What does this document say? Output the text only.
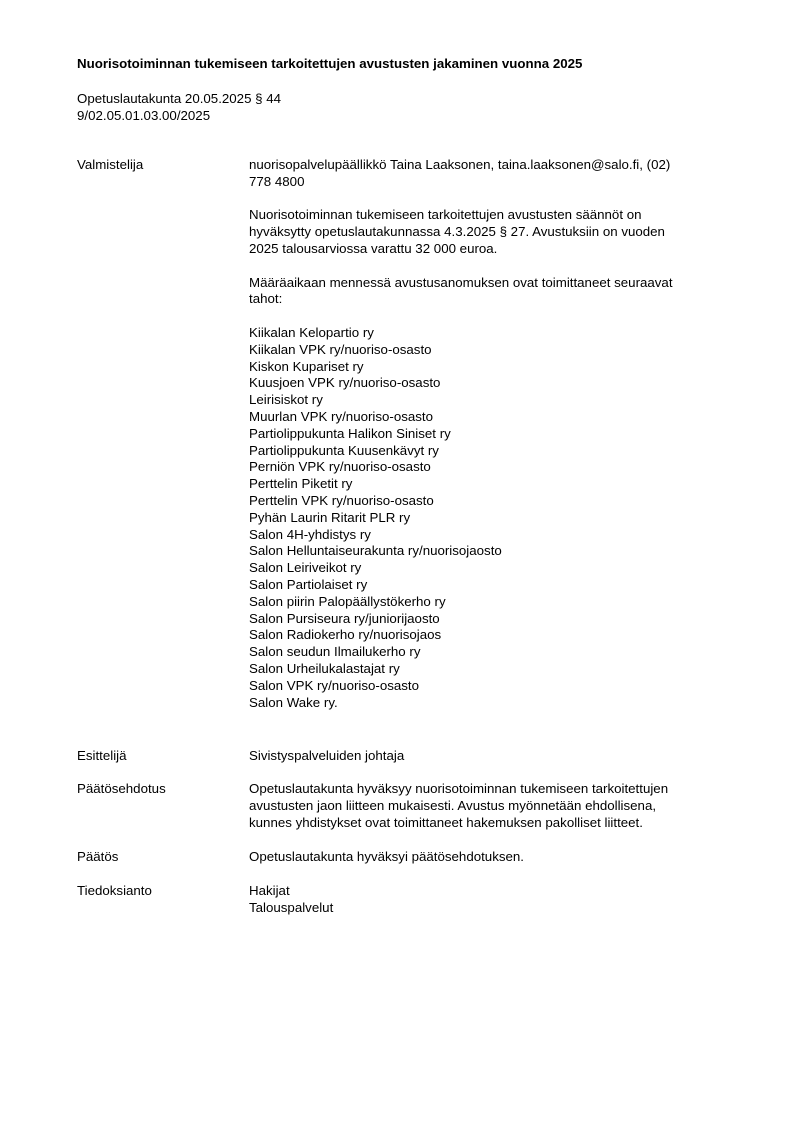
Nuorisotoiminnan tukemiseen tarkoitettujen avustusten jakaminen vuonna 2025
Opetuslautakunta 20.05.2025 § 44
9/02.05.01.03.00/2025
Valmistelija	nuorisopalvelupäällikkö Taina Laaksonen, taina.laaksonen@salo.fi, (02)

778 4800

Nuorisotoiminnan tukemiseen tarkoitettujen avustusten säännöt on

hyväksytty opetuslautakunnassa 4.3.2025 § 27. Avustuksiin on vuoden

2025 talousarviossa varattu 32 000 euroa.

Määräaikaan mennessä avustusanomuksen ovat toimittaneet seuraavat

tahot:

Kiikalan Kelopartio ry
Kiikalan VPK ry/nuoriso-osasto
Kiskon Kupariset ry
Kuusjoen VPK ry/nuoriso-osasto
Leirisiskot ry
Muurlan VPK ry/nuoriso-osasto
Partiolippukunta Halikon Siniset ry
Partiolippukunta Kuusenkävyt ry
Perniön VPK ry/nuoriso-osasto
Perttelin Piketit ry
Perttelin VPK ry/nuoriso-osasto
Pyhän Laurin Ritarit PLR ry
Salon 4H-yhdistys ry
Salon Helluntaiseurakunta ry/nuorisojaosto
Salon Leiriveikot ry
Salon Partiolaiset ry
Salon piirin Palopäällystökerho ry
Salon Pursiseura ry/juniorijaosto
Salon Radiokerho ry/nuorisojaos
Salon seudun Ilmailukerho ry
Salon Urheilukalastajat ry
Salon VPK ry/nuoriso-osasto
Salon Wake ry.
Esittelijä	Sivistyspalveluiden johtaja

Päätösehdotus	Opetuslautakunta hyväksyy nuorisotoiminnan tukemiseen tarkoitettujen

avustusten jaon liitteen mukaisesti. Avustus myönnetään ehdollisena,

kunnes yhdistykset ovat toimittaneet hakemuksen pakolliset liitteet.

Päätös	Opetuslautakunta hyväksyi päätösehdotuksen.

Tiedoksianto	Hakijat

Talouspalvelut
